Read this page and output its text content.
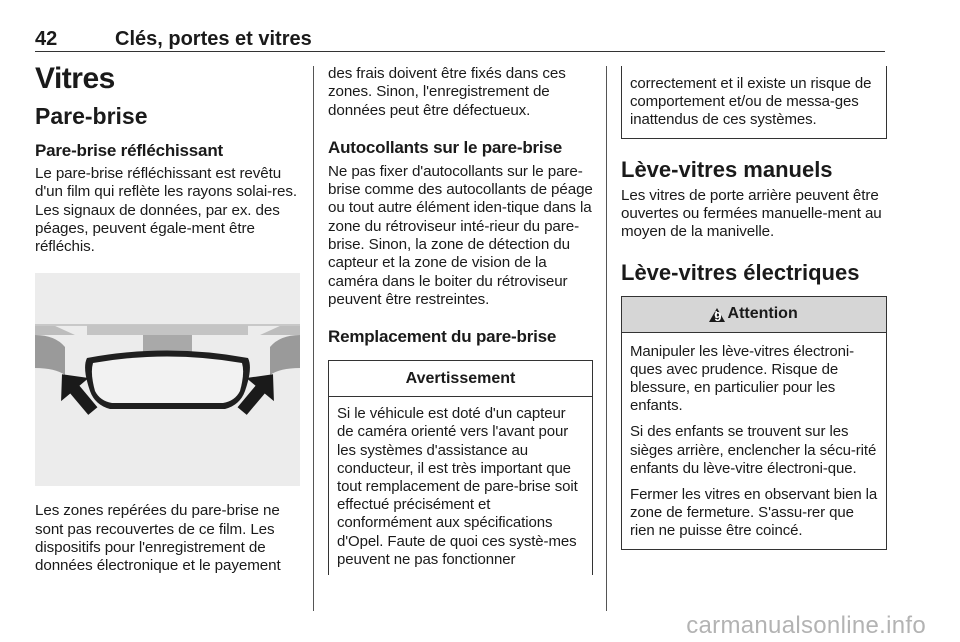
42	Clés, portes et vitres
Vitres
Pare-brise
Pare-brise réfléchissant

Le pare-brise réfléchissant est revêtu d'un film qui reflète les rayons solai-res. Les signaux de données, par ex. des péages, peuvent égale-ment être réfléchis.

Les zones repérées du pare-brise ne sont pas recouvertes de ce film. Les dispositifs pour l'enregistrement de données électronique et le payement

des frais doivent être fixés dans ces zones. Sinon, l'enregistrement de données peut être défectueux.

Autocollants sur le pare-brise

Ne pas fixer d'autocollants sur le pare-brise comme des autocollants de péage ou tout autre élément iden-tique dans la zone du rétroviseur inté-rieur du pare-brise. Sinon, la zone de détection du capteur et la zone de vision de la caméra dans le boiter du rétroviseur peuvent être restreintes.

Remplacement du pare-brise
Avertissement

Si le véhicule est doté d'un capteur de caméra orienté vers l'avant pour les systèmes d'assistance au conducteur, il est très important que tout remplacement de pare-brise soit effectué précisément et conformément aux spécifications d'Opel. Faute de quoi ces systè-mes peuvent ne pas fonctionner

correctement et il existe un risque de comportement et/ou de messa-ges inattendus de ces systèmes.

Lève-vitres manuels

Les vitres de porte arrière peuvent être ouvertes ou fermées manuelle-ment au moyen de la manivelle.

Lève-vitres électriques
9
! Attention

Manipuler les lève-vitres électroni-ques avec prudence. Risque de blessure, en particulier pour les enfants.

Si des enfants se trouvent sur les sièges arrière, enclencher la sécu-rité enfants du lève-vitre électroni-que.

Fermer les vitres en observant bien la zone de fermeture. S'assu-rer que rien ne puisse être coincé.

carmanualsonline.info
